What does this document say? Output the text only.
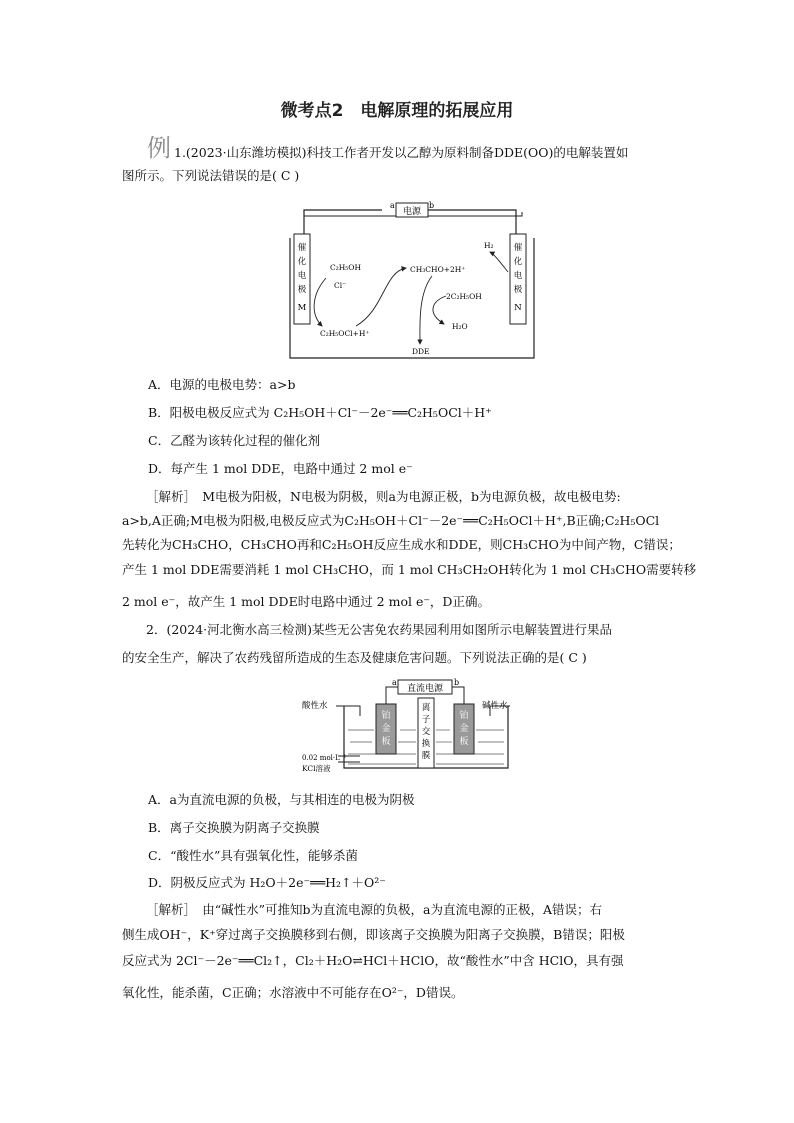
微考点2　电解原理的拓展应用
例 1.(2023·山东潍坊模拟)科技工作者开发以乙醇为原料制备DDE(OO)的电解装置如
图所示。下列说法错误的是( C )
电源
a	b
催
化
电
极
M
催
化
电
极
N
C₂H₅OH
Cl⁻
C₂H₅OCl+H⁺
CH₃CHO+2H⁺
2C₂H₅OH
H₂O
DDE
H₂
A．电源的电极电势：a>b
B．阳极电极反应式为 C₂H₅OH＋Cl⁻－2e⁻══C₂H₅OCl＋H⁺
C．乙醛为该转化过程的催化剂
D．每产生 1 mol DDE，电路中通过 2 mol e⁻
［解析］　M电极为阳极，N电极为阴极，则a为电源正极，b为电源负极，故电极电势:
a>b,A正确;M电极为阳极,电极反应式为C₂H₅OH＋Cl⁻－2e⁻══C₂H₅OCl＋H⁺,B正确;C₂H₅OCl
先转化为CH₃CHO，CH₃CHO再和C₂H₅OH反应生成水和DDE，则CH₃CHO为中间产物，C错误；
产生 1 mol DDE需要消耗 1 mol CH₃CHO，而 1 mol CH₃CH₂OH转化为 1 mol CH₃CHO需要转移
2 mol e⁻，故产生 1 mol DDE时电路中通过 2 mol e⁻，D正确。
2．(2024·河北衡水高三检测)某些无公害免农药果园利用如图所示电解装置进行果品
的安全生产，解决了农药残留所造成的生态及健康危害问题。下列说法正确的是( C )
直流电源
a	b
铂
金
板
铂
金
板
离
子
交
换
膜
酸性水	碱性水
0.02 mol·L⁻¹
KCl溶液
A．a为直流电源的负极，与其相连的电极为阴极
B．离子交换膜为阴离子交换膜
C．“酸性水”具有强氧化性，能够杀菌
D．阴极反应式为 H₂O＋2e⁻══H₂↑＋O²⁻
［解析］　由“碱性水”可推知b为直流电源的负极，a为直流电源的正极，A错误；右
侧生成OH⁻，K⁺穿过离子交换膜移到右侧，即该离子交换膜为阳离子交换膜，B错误；阳极
反应式为 2Cl⁻－2e⁻══Cl₂↑，Cl₂＋H₂O⇌HCl＋HClO，故“酸性水”中含 HClO，具有强
氧化性，能杀菌，C正确；水溶液中不可能存在O²⁻，D错误。
